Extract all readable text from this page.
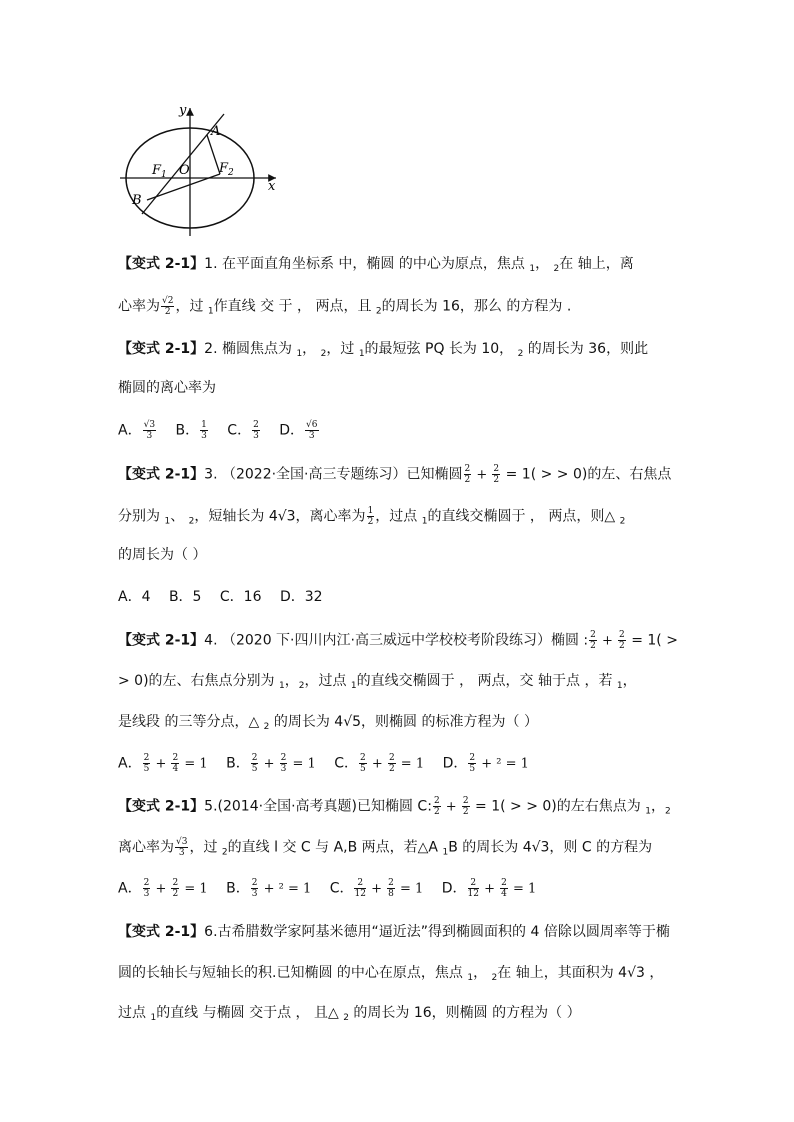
y
x
A
B
O
$F_1$	$F_2$
【变式 2-1】1. 在平面直角坐标系 中，椭圆 的中心为原点，焦点 $_1$， $_2$在 轴上，离
心率为 $\frac{√2}{2}$ ，过 $_1$作直线 交 于 ， 两点，且 $_2$的周长为 16，那么 的方程为 .
【变式 2-1】2. 椭圆焦点为 $_1$， $_2$，过 $_1$的最短弦 PQ 长为 10， $_2$ 的周长为 36，则此
椭圆的离心率为
A． $\frac{√3}{3}$ B． $\frac{1}{3}$ C． $\frac{2}{3}$ D． $\frac{√6}{3}$
【变式 2-1】3. （2022·全国·高三专题练习）已知椭圆 $\frac{2}{2} + \frac{2}{2} = 1$( > > 0)的左、右焦点
分别为 $_1$、 $_2$，短轴长为 4√3，离心率为 $\frac{1}{2}$ ，过点 $_1$的直线交椭圆于 ， 两点，则△ $_2$
的周长为（ ）
A．4 B．5 C．16 D．32
【变式 2-1】4. （2020 下·四川内江·高三威远中学校校考阶段练习）椭圆 : $\frac{2}{2} + \frac{2}{2} = 1$( >
> 0)的左、右焦点分别为 $_1$，$_2$，过点 $_1$的直线交椭圆于 ， 两点，交 轴于点 ，若 $_1$，
是线段 的三等分点，△ $_2$ 的周长为 4√5，则椭圆 的标准方程为（ ）
A． $\frac{2}{5} + \frac{2}{4} = 1$ B． $\frac{2}{5} + \frac{2}{3} = 1$ C． $\frac{2}{5} + \frac{2}{2} = 1$ D． $\frac{2}{5} + ^2 = 1$
【变式 2-1】5.(2014·全国·高考真题)已知椭圆 C: $\frac{2}{2} + \frac{2}{2} = 1$( > > 0)的左右焦点为 $_1$，$_2$
离心率为 $\frac{√3}{3}$ ，过 $_2$的直线 l 交 C 与 A,B 两点，若△A $_1$B 的周长为 4√3，则 C 的方程为
A． $\frac{2}{3} + \frac{2}{2} = 1$ B． $\frac{2}{3} + ^2 = 1$ C． $\frac{2}{12} + \frac{2}{8} = 1$ D． $\frac{2}{12} + \frac{2}{4} = 1$
【变式 2-1】6.古希腊数学家阿基米德用“逼近法”得到椭圆面积的 4 倍除以圆周率等于椭
圆的长轴长与短轴长的积.已知椭圆 的中心在原点，焦点 $_1$， $_2$在 轴上，其面积为 4√3 ，
过点 $_1$的直线 与椭圆 交于点 ， 且△ $_2$ 的周长为 16，则椭圆 的方程为（ ）
